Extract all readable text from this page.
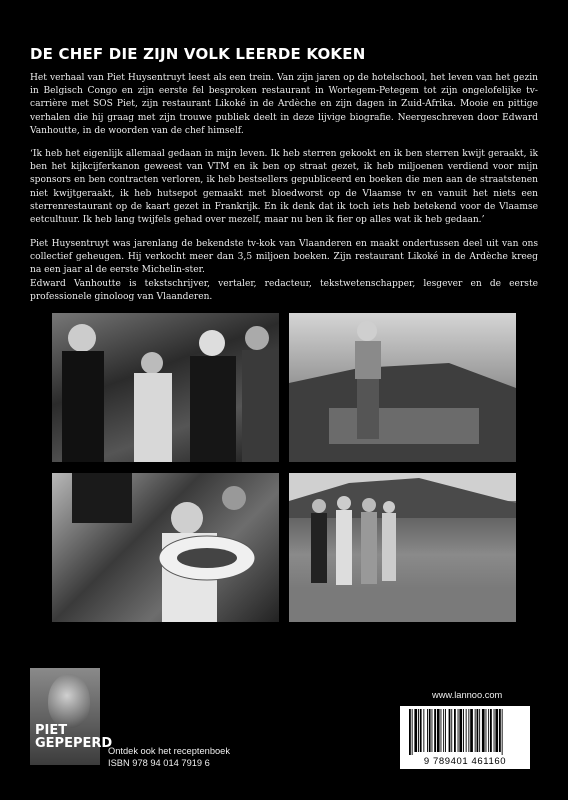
DE CHEF DIE ZIJN VOLK LEERDE KOKEN
Het verhaal van Piet Huysentruyt leest als een trein. Van zijn jaren op de hotelschool, het leven van het gezin in Belgisch Congo en zijn eerste fel besproken restaurant in Wortegem-Petegem tot zijn ongelofelijke tv-carrière met SOS Piet, zijn restaurant Likoké in de Ardèche en zijn dagen in Zuid-Afrika. Mooie en pittige verhalen die hij graag met zijn trouwe publiek deelt in deze lijvige biografie. Neergeschreven door Edward Vanhoutte, in de woorden van de chef himself.
‘Ik heb het eigenlijk allemaal gedaan in mijn leven. Ik heb sterren gekookt en ik ben sterren kwijt geraakt, ik ben het kijkcijferkanon geweest van VTM en ik ben op straat gezet, ik heb miljoenen verdiend voor mijn sponsors en ben contracten verloren, ik heb bestsellers gepubliceerd en boeken die men aan de straatstenen niet kwijtgeraakt, ik heb hutsepot gemaakt met bloedworst op de Vlaamse tv en vanuit het niets een sterrenrestaurant op de kaart gezet in Frankrijk. En ik denk dat ik toch iets heb betekend voor de Vlaamse eetcultuur. Ik heb lang twijfels gehad over mezelf, maar nu ben ik fier op alles wat ik heb gedaan.’
Piet Huysentruyt was jarenlang de bekendste tv-kok van Vlaanderen en maakt ondertussen deel uit van ons collectief geheugen. Hij verkocht meer dan 3,5 miljoen boeken. Zijn restaurant Likoké in de Ardèche kreeg na een jaar al de eerste Michelin-ster.
Edward Vanhoutte is tekstschrijver, vertaler, redacteur, tekstwetenschapper, lesgever en de eerste professionele ginoloog van Vlaanderen.
PIET
GEPEPERD
Ontdek ook het receptenboek
ISBN 978 94 014 7919 6
www.lannoo.com
9 789401 461160
